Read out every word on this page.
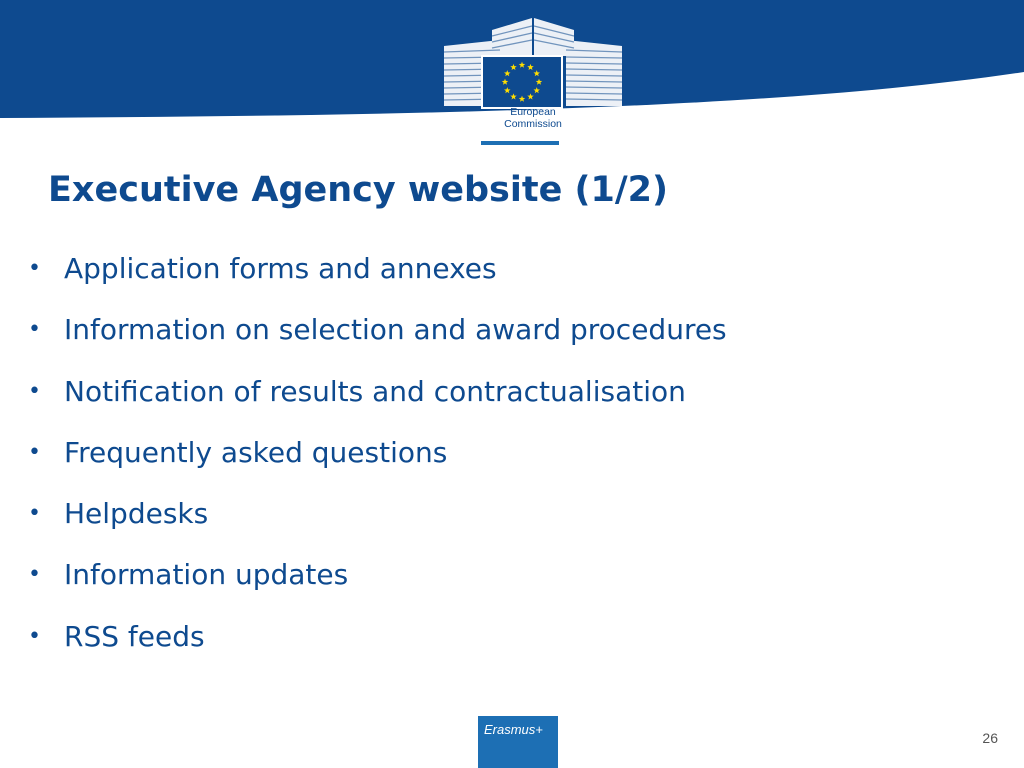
European
Commission
Executive Agency website (1/2)
• Application forms and annexes
• Information on selection and award procedures
• Notification of results and contractualisation
• Frequently asked questions
• Helpdesks
• Information updates
• RSS feeds
Erasmus+
26
